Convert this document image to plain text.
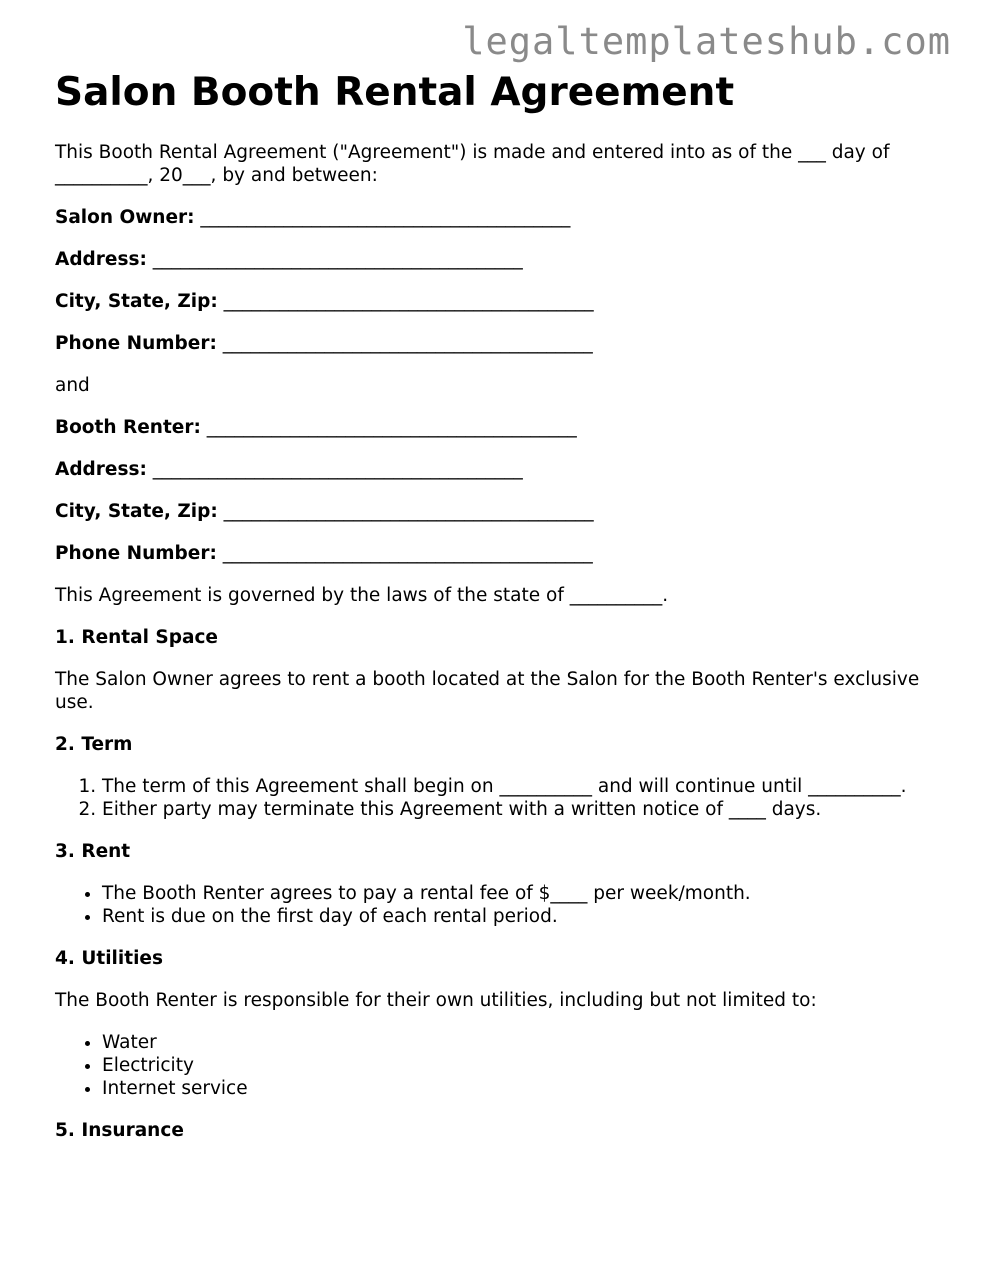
legaltemplateshub.com
Salon Booth Rental Agreement

This Booth Rental Agreement ("Agreement") is made and entered into as of the ___ day of __________, 20___, by and between:

Salon Owner: ________________________________________

Address: ________________________________________

City, State, Zip: ________________________________________

Phone Number: ________________________________________

and

Booth Renter: ________________________________________

Address: ________________________________________

City, State, Zip: ________________________________________

Phone Number: ________________________________________

This Agreement is governed by the laws of the state of __________.

1. Rental Space

The Salon Owner agrees to rent a booth located at the Salon for the Booth Renter's exclusive use.

2. Term
1. The term of this Agreement shall begin on __________ and will continue until __________.
2. Either party may terminate this Agreement with a written notice of ____ days.
3. Rent
• The Booth Renter agrees to pay a rental fee of $____ per week/month.
• Rent is due on the first day of each rental period.
4. Utilities

The Booth Renter is responsible for their own utilities, including but not limited to:

• Water
• Electricity
• Internet service
5. Insurance
